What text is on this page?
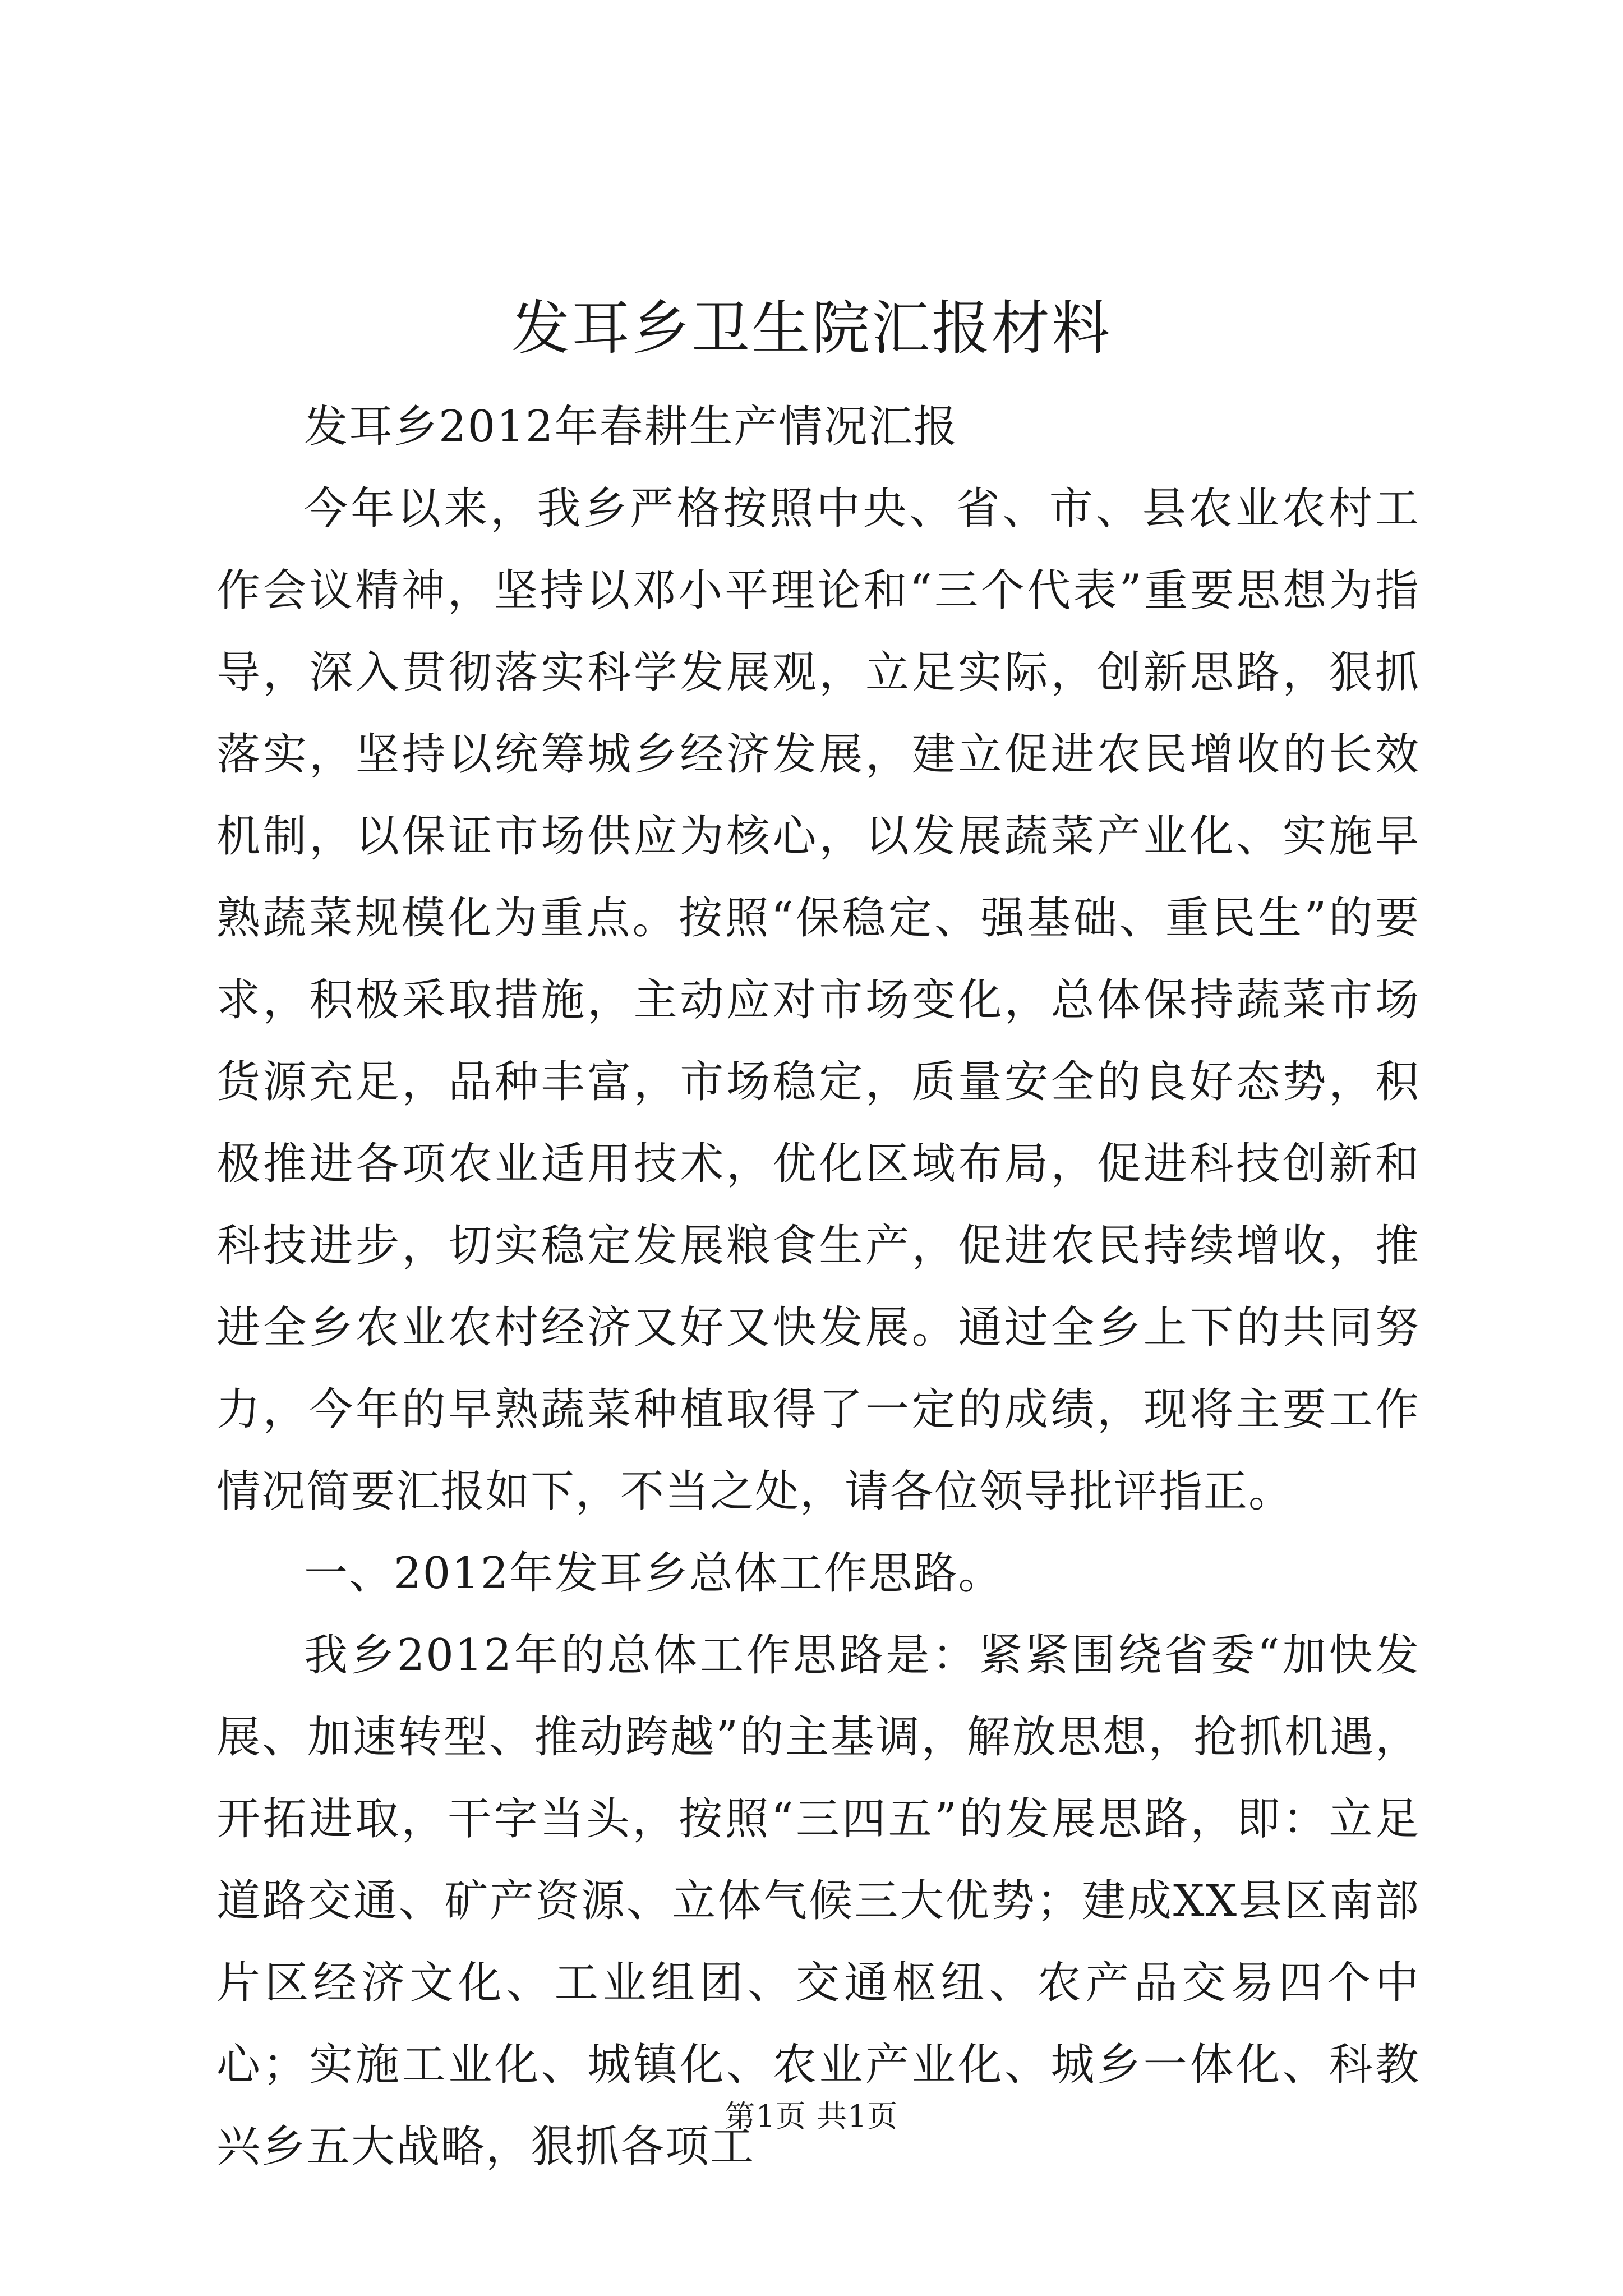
发耳乡卫生院汇报材料

发耳乡2012年春耕生产情况汇报

今年以来，我乡严格按照中央、省、市、县农业农村工作会议精神，坚持以邓小平理论和“三个代表”重要思想为指导，深入贯彻落实科学发展观，立足实际，创新思路，狠抓落实，坚持以统筹城乡经济发展，建立促进农民增收的长效机制，以保证市场供应为核心，以发展蔬菜产业化、实施早熟蔬菜规模化为重点。按照“保稳定、强基础、重民生”的要求，积极采取措施，主动应对市场变化，总体保持蔬菜市场货源充足，品种丰富，市场稳定，质量安全的良好态势，积极推进各项农业适用技术，优化区域布局，促进科技创新和科技进步，切实稳定发展粮食生产，促进农民持续增收，推进全乡农业农村经济又好又快发展。通过全乡上下的共同努力，今年的早熟蔬菜种植取得了一定的成绩，现将主要工作情况简要汇报如下，不当之处，请各位领导批评指正。

一、2012年发耳乡总体工作思路。

我乡2012年的总体工作思路是：紧紧围绕省委“加快发展、加速转型、推动跨越”的主基调，解放思想，抢抓机遇，开拓进取，干字当头，按照“三四五”的发展思路，即：立足道路交通、矿产资源、立体气候三大优势；建成XX县区南部片区经济文化、工业组团、交通枢纽、农产品交易四个中心；实施工业化、城镇化、农业产业化、城乡一体化、科教兴乡五大战略，狠抓各项工

第1页 共1页
